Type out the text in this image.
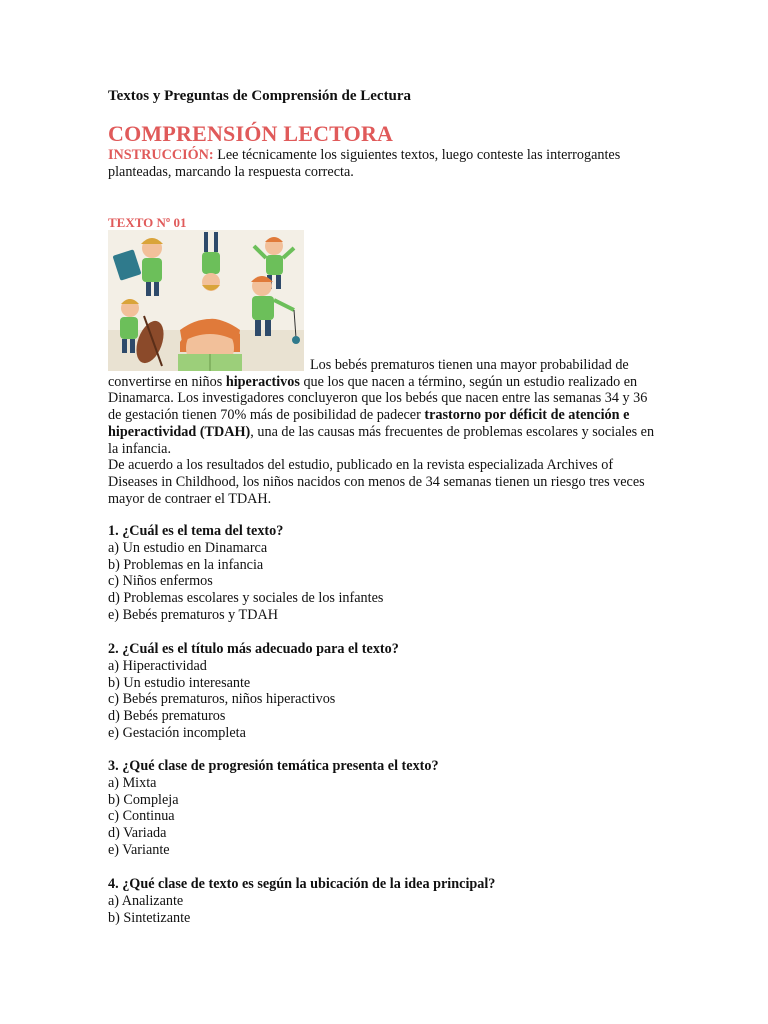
Textos y Preguntas de Comprensión de Lectura
COMPRENSIÓN LECTORA
INSTRUCCIÓN: Lee técnicamente los siguientes textos, luego conteste las interrogantes planteadas, marcando la respuesta correcta.
TEXTO Nº 01

Los bebés prematuros tienen una mayor probabilidad de convertirse en niños hiperactivos que los que nacen a término, según un estudio realizado en Dinamarca. Los investigadores concluyeron que los bebés que nacen entre las semanas 34 y 36 de gestación tienen 70% más de posibilidad de padecer trastorno por déficit de atención e hiperactividad (TDAH), una de las causas más frecuentes de problemas escolares y sociales en la infancia.

De acuerdo a los resultados del estudio, publicado en la revista especializada Archives of Diseases in Childhood, los niños nacidos con menos de 34 semanas tienen un riesgo tres veces mayor de contraer el TDAH.

1. ¿Cuál es el tema del texto?
a) Un estudio en Dinamarca
b) Problemas en la infancia
c) Niños enfermos
d) Problemas escolares y sociales de los infantes
e) Bebés prematuros y TDAH
2. ¿Cuál es el título más adecuado para el texto?
a) Hiperactividad
b) Un estudio interesante
c) Bebés prematuros, niños hiperactivos
d) Bebés prematuros
e) Gestación incompleta
3. ¿Qué clase de progresión temática presenta el texto?
a) Mixta
b) Compleja
c) Continua
d) Variada
e) Variante
4. ¿Qué clase de texto es según la ubicación de la idea principal?
a) Analizante
b) Sintetizante
